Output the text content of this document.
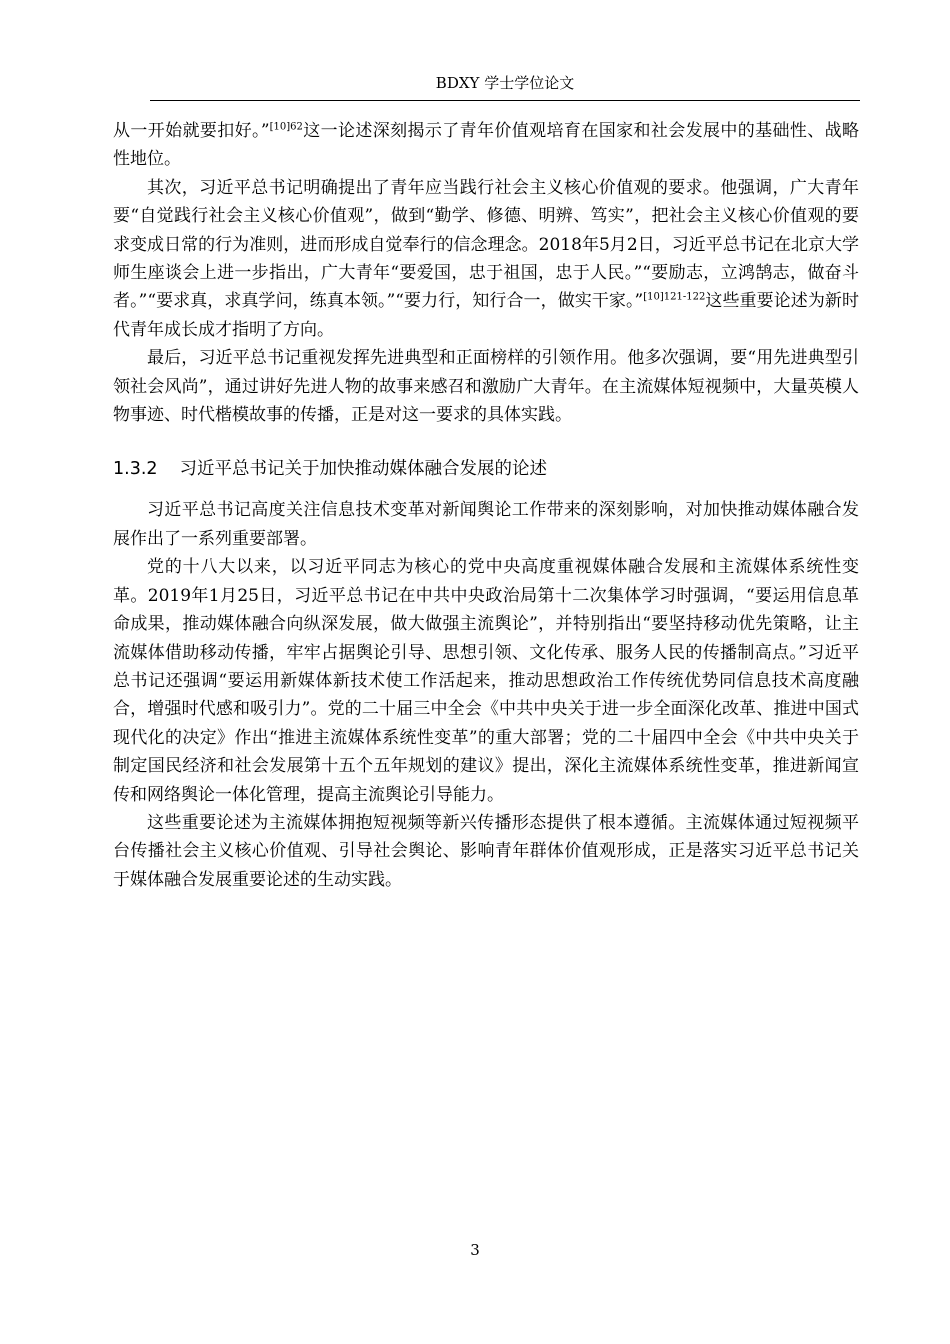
BDXY 学士学位论文

从一开始就要扣好。”$^{[10]62}$这一论述深刻揭示了青年价值观培育在国家和社会发展中的基础性、战略性地位。

其次，习近平总书记明确提出了青年应当践行社会主义核心价值观的要求。他强调，广大青年要“自觉践行社会主义核心价值观”，做到“勤学、修德、明辨、笃实”，把社会主义核心价值观的要求变成日常的行为准则，进而形成自觉奉行的信念理念。2018年5月2日，习近平总书记在北京大学师生座谈会上进一步指出，广大青年“要爱国，忠于祖国，忠于人民。”“要励志，立鸿鹄志，做奋斗者。”“要求真，求真学问，练真本领。”“要力行，知行合一，做实干家。”$^{[10]121-122}$这些重要论述为新时代青年成长成才指明了方向。

最后，习近平总书记重视发挥先进典型和正面榜样的引领作用。他多次强调，要“用先进典型引领社会风尚”，通过讲好先进人物的故事来感召和激励广大青年。在主流媒体短视频中，大量英模人物事迹、时代楷模故事的传播，正是对这一要求的具体实践。

1.3.2 习近平总书记关于加快推动媒体融合发展的论述

习近平总书记高度关注信息技术变革对新闻舆论工作带来的深刻影响，对加快推动媒体融合发展作出了一系列重要部署。

党的十八大以来，以习近平同志为核心的党中央高度重视媒体融合发展和主流媒体系统性变革。2019年1月25日，习近平总书记在中共中央政治局第十二次集体学习时强调，“要运用信息革命成果，推动媒体融合向纵深发展，做大做强主流舆论”，并特别指出“要坚持移动优先策略，让主流媒体借助移动传播，牢牢占据舆论引导、思想引领、文化传承、服务人民的传播制高点。”习近平总书记还强调“要运用新媒体新技术使工作活起来，推动思想政治工作传统优势同信息技术高度融合，增强时代感和吸引力”。党的二十届三中全会《中共中央关于进一步全面深化改革、推进中国式现代化的决定》作出“推进主流媒体系统性变革”的重大部署；党的二十届四中全会《中共中央关于制定国民经济和社会发展第十五个五年规划的建议》提出，深化主流媒体系统性变革，推进新闻宣传和网络舆论一体化管理，提高主流舆论引导能力。

这些重要论述为主流媒体拥抱短视频等新兴传播形态提供了根本遵循。主流媒体通过短视频平台传播社会主义核心价值观、引导社会舆论、影响青年群体价值观形成，正是落实习近平总书记关于媒体融合发展重要论述的生动实践。

3
